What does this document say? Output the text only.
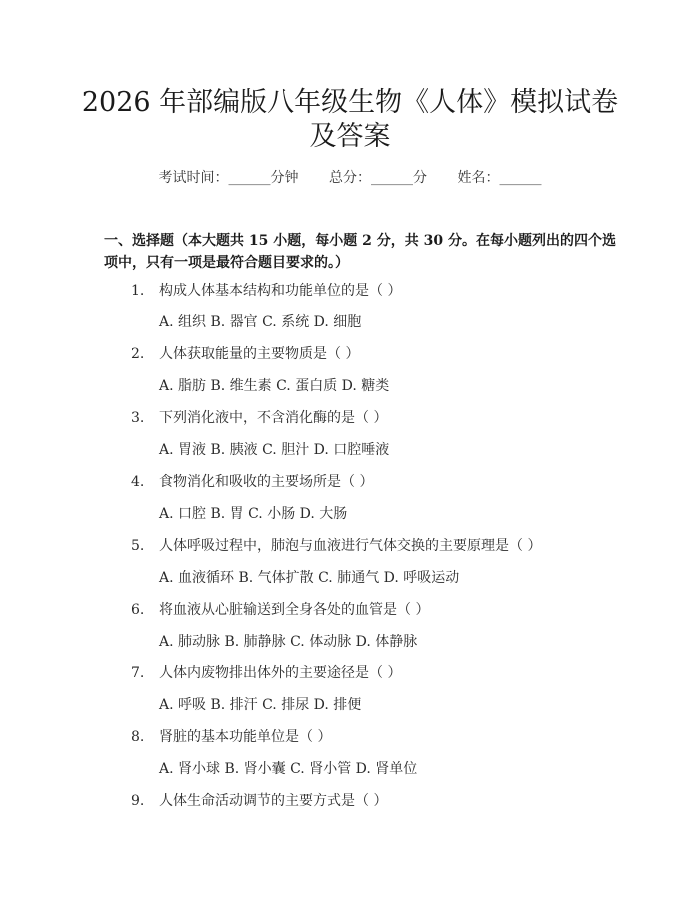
2026 年部编版八年级生物《人体》模拟试卷
及答案
考试时间：______分钟 总分：______分 姓名：______
一、选择题（本大题共 15 小题，每小题 2 分，共 30 分。在每小题列出的四个选项中，只有一项是最符合题目要求的。）
1. 构成人体基本结构和功能单位的是（ ）
A. 组织 B. 器官 C. 系统 D. 细胞
2. 人体获取能量的主要物质是（ ）
A. 脂肪 B. 维生素 C. 蛋白质 D. 糖类
3. 下列消化液中，不含消化酶的是（ ）
A. 胃液 B. 胰液 C. 胆汁 D. 口腔唾液
4. 食物消化和吸收的主要场所是（ ）
A. 口腔 B. 胃 C. 小肠 D. 大肠
5. 人体呼吸过程中，肺泡与血液进行气体交换的主要原理是（ ）
A. 血液循环 B. 气体扩散 C. 肺通气 D. 呼吸运动
6. 将血液从心脏输送到全身各处的血管是（ ）
A. 肺动脉 B. 肺静脉 C. 体动脉 D. 体静脉
7. 人体内废物排出体外的主要途径是（ ）
A. 呼吸 B. 排汗 C. 排尿 D. 排便
8. 肾脏的基本功能单位是（ ）
A. 肾小球 B. 肾小囊 C. 肾小管 D. 肾单位
9. 人体生命活动调节的主要方式是（ ）
